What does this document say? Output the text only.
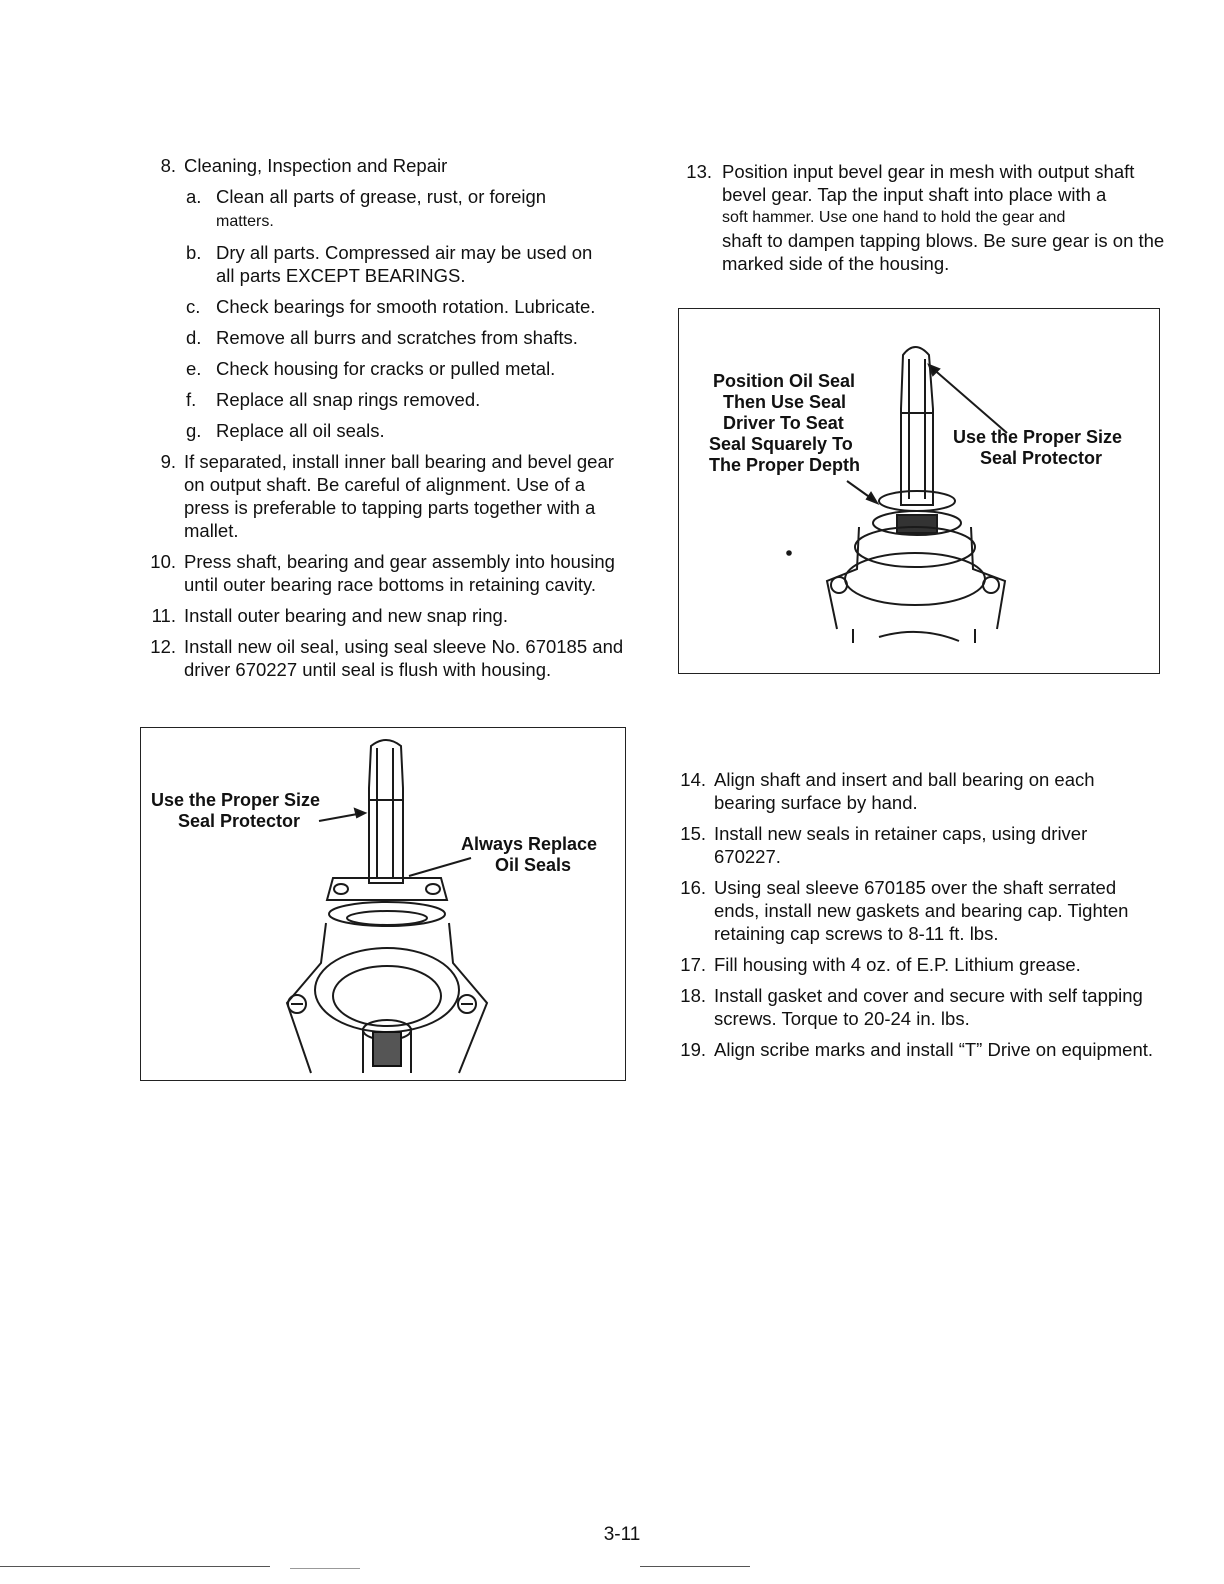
8. Cleaning, Inspection and Repair
a. Clean all parts of grease, rust, or foreign
matters.
b. Dry all parts. Compressed air may be used on
all parts EXCEPT BEARINGS.
c. Check bearings for smooth rotation. Lubricate.
d. Remove all burrs and scratches from shafts.
e. Check housing for cracks or pulled metal.
f. Replace all snap rings removed.
g. Replace all oil seals.
9. If separated, install inner ball bearing and bevel gear on output shaft. Be careful of alignment. Use of a press is preferable to tapping parts together with a mallet.
10. Press shaft, bearing and gear assembly into housing until outer bearing race bottoms in retaining cavity.
11. Install outer bearing and new snap ring.
12. Install new oil seal, using seal sleeve No. 670185 and driver 670227 until seal is flush with housing.
Use the Proper Size
Seal Protector
Always Replace
Oil Seals
13. Position input bevel gear in mesh with output shaft bevel gear. Tap the input shaft into place with a
soft hammer. Use one hand to hold the gear and
shaft to dampen tapping blows. Be sure gear is on the marked side of the housing.
Position Oil Seal
Then Use Seal
Driver To Seat
Seal Squarely To
The Proper Depth
Use the Proper Size
Seal Protector
14. Align shaft and insert and ball bearing on each bearing surface by hand.
15. Install new seals in retainer caps, using driver 670227.
16. Using seal sleeve 670185 over the shaft serrated ends, install new gaskets and bearing cap. Tighten retaining cap screws to 8-11 ft. lbs.
17. Fill housing with 4 oz. of E.P. Lithium grease.
18. Install gasket and cover and secure with self tapping screws. Torque to 20-24 in. lbs.
19. Align scribe marks and install “T” Drive on equipment.
3-11
